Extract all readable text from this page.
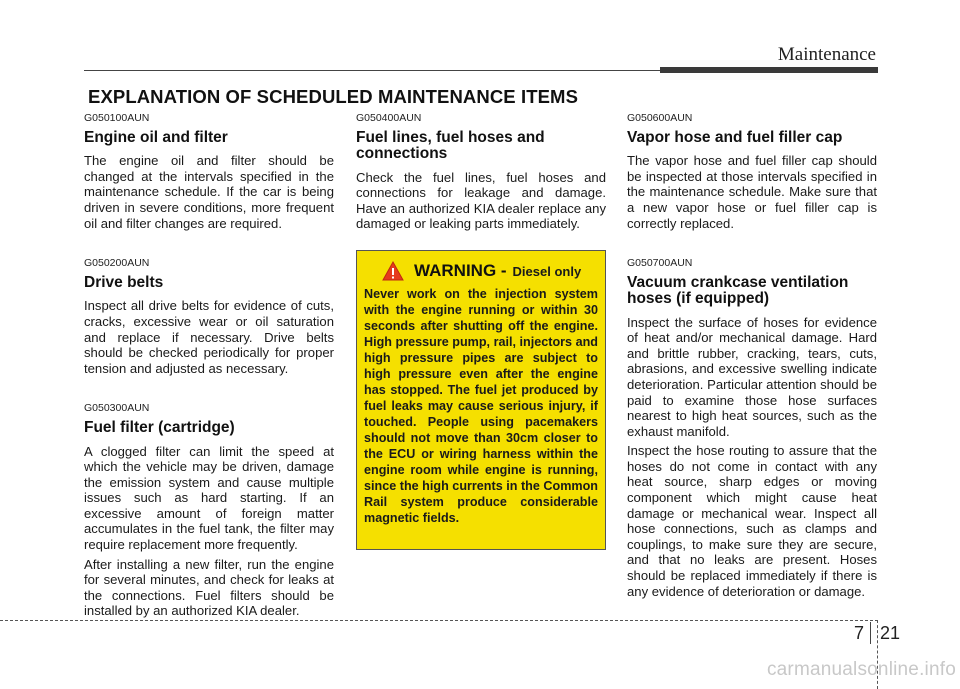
Maintenance
EXPLANATION OF SCHEDULED MAINTENANCE ITEMS
G050100AUN
Engine oil and filter

The engine oil and filter should be changed at the intervals specified in the maintenance schedule. If the car is being driven in severe conditions, more frequent oil and filter changes are required.

G050200AUN
Drive belts

Inspect all drive belts for evidence of cuts, cracks, excessive wear or oil saturation and replace if necessary. Drive belts should be checked periodically for proper tension and adjusted as necessary.

G050300AUN
Fuel filter (cartridge)

A clogged filter can limit the speed at which the vehicle may be driven, damage the emission system and cause multiple issues such as hard starting. If an excessive amount of foreign matter accumulates in the fuel tank, the filter may require replacement more frequently.

After installing a new filter, run the engine for several minutes, and check for leaks at the connections. Fuel filters should be installed by an authorized KIA dealer.

G050400AUN
Fuel lines, fuel hoses and connections

Check the fuel lines, fuel hoses and connections for leakage and damage. Have an authorized KIA dealer replace any damaged or leaking parts immediately.

WARNING - Diesel only

Never work on the injection system with the engine running or within 30 seconds after shutting off the engine. High pressure pump, rail, injectors and high pressure pipes are subject to high pressure even after the engine has stopped. The fuel jet produced by fuel leaks may cause serious injury, if touched. People using pacemakers should not move than 30cm closer to the ECU or wiring harness within the engine room while engine is running, since the high currents in the Common Rail system produce considerable magnetic fields.

G050600AUN
Vapor hose and fuel filler cap

The vapor hose and fuel filler cap should be inspected at those intervals specified in the maintenance schedule. Make sure that a new vapor hose or fuel filler cap is correctly replaced.

G050700AUN
Vacuum crankcase ventilation hoses (if equipped)

Inspect the surface of hoses for evidence of heat and/or mechanical damage. Hard and brittle rubber, cracking, tears, cuts, abrasions, and excessive swelling indicate deterioration. Particular attention should be paid to examine those hose surfaces nearest to high heat sources, such as the exhaust manifold.

Inspect the hose routing to assure that the hoses do not come in contact with any heat source, sharp edges or moving component which might cause heat damage or mechanical wear. Inspect all hose connections, such as clamps and couplings, to make sure they are secure, and that no leaks are present. Hoses should be replaced immediately if there is any evidence of deterioration or damage.

7 21
carmanualsonline.info
